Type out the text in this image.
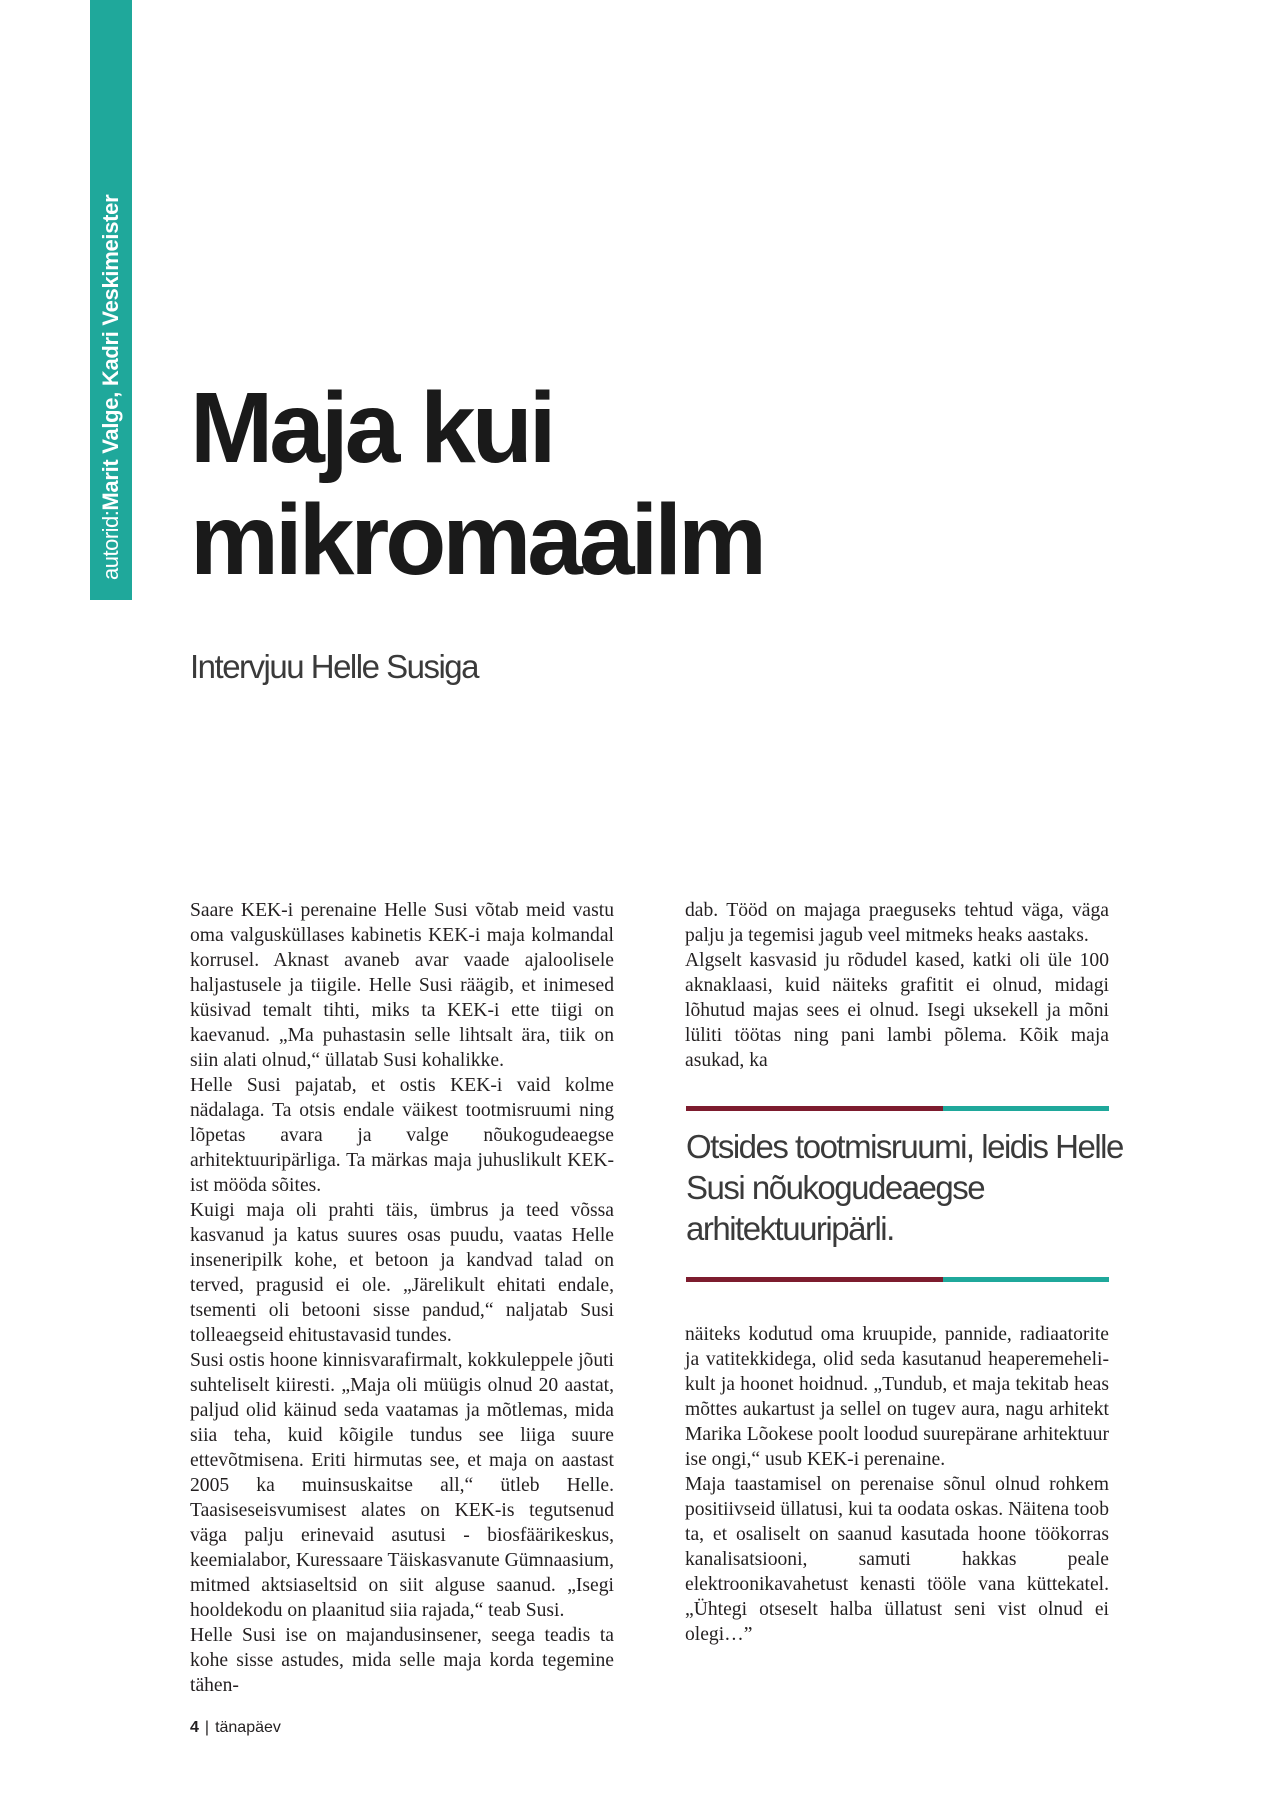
autorid:Marit Valge, Kadri Veskimeister Maja kui
mikromaailm
Intervjuu Helle Susiga

Saare KEK-i perenaine Helle Susi võtab meid vastu oma valgusküllases kabinetis KEK-i maja kolmandal korrusel. Aknast avaneb avar vaade ajaloolisele haljastusele ja tiigile. Helle Susi räägib, et inimesed küsivad temalt tihti, miks ta KEK-i ette tiigi on kaevanud. „Ma puhastasin selle lihtsalt ära, tiik on siin alati olnud,“ üllatab Susi kohalikke.

Helle Susi pajatab, et ostis KEK-i vaid kolme nädalaga. Ta otsis endale väikest tootmisruumi ning lõpetas avara ja valge nõukogudeaegse arhitektuuripärliga. Ta märkas maja juhuslikult KEK-ist mööda sõites.

Kuigi maja oli prahti täis, ümbrus ja teed võssa kasvanud ja katus suures osas puudu, vaatas Helle inseneripilk kohe, et betoon ja kandvad talad on terved, pragusid ei ole. „Järelikult ehitati endale, tsementi oli betooni sisse pandud,“ naljatab Susi tolleaegseid ehitustavasid tundes.

Susi ostis hoone kinnisvarafirmalt, kokkuleppele jõuti suhteliselt kiiresti. „Maja oli müügis olnud 20 aastat, paljud olid käinud seda vaatamas ja mõtlemas, mida siia teha, kuid kõigile tundus see liiga suure ettevõtmisena. Eriti hirmutas see, et maja on aastast 2005 ka muinsuskaitse all,“ ütleb Helle. Taasiseseisvumisest alates on KEK-is tegutsenud väga palju erinevaid asutusi - biosfäärikeskus, keemialabor, Kuressaare Täiskasvanute Gümnaasium, mitmed aktsiaseltsid on siit alguse saanud. „Isegi hooldekodu on plaanitud siia rajada,“ teab Susi.

Helle Susi ise on majandusinsener, seega teadis ta kohe sisse astudes, mida selle maja korda tegemine tähen-

dab. Tööd on majaga praeguseks tehtud väga, väga palju ja tegemisi jagub veel mitmeks heaks aastaks.

Algselt kasvasid ju rõdudel kased, katki oli üle 100 aknaklaasi, kuid näiteks grafitit ei olnud, midagi lõhutud majas sees ei olnud. Isegi uksekell ja mõni lüliti töötas ning pani lambi põlema. Kõik maja asukad, ka

Otsides tootmisruumi, leidis Helle Susi nõukogudeaegse arhitektuuripärli.

näiteks kodutud oma kruupide, pannide, radiaatorite ja vatitekkidega, olid seda kasutanud heaperemeheli-kult ja hoonet hoidnud. „Tundub, et maja tekitab heas mõttes aukartust ja sellel on tugev aura, nagu arhitekt Marika Lõokese poolt loodud suurepärane arhitektuur ise ongi,“ usub KEK-i perenaine.

Maja taastamisel on perenaise sõnul olnud rohkem positiivseid üllatusi, kui ta oodata oskas. Näitena toob ta, et osaliselt on saanud kasutada hoone töökorras kanalisatsiooni, samuti hakkas peale elektroonikavahetust kenasti tööle vana küttekatel. „Ühtegi otseselt halba üllatust seni vist olnud ei olegi…”

4 | tänapäev
